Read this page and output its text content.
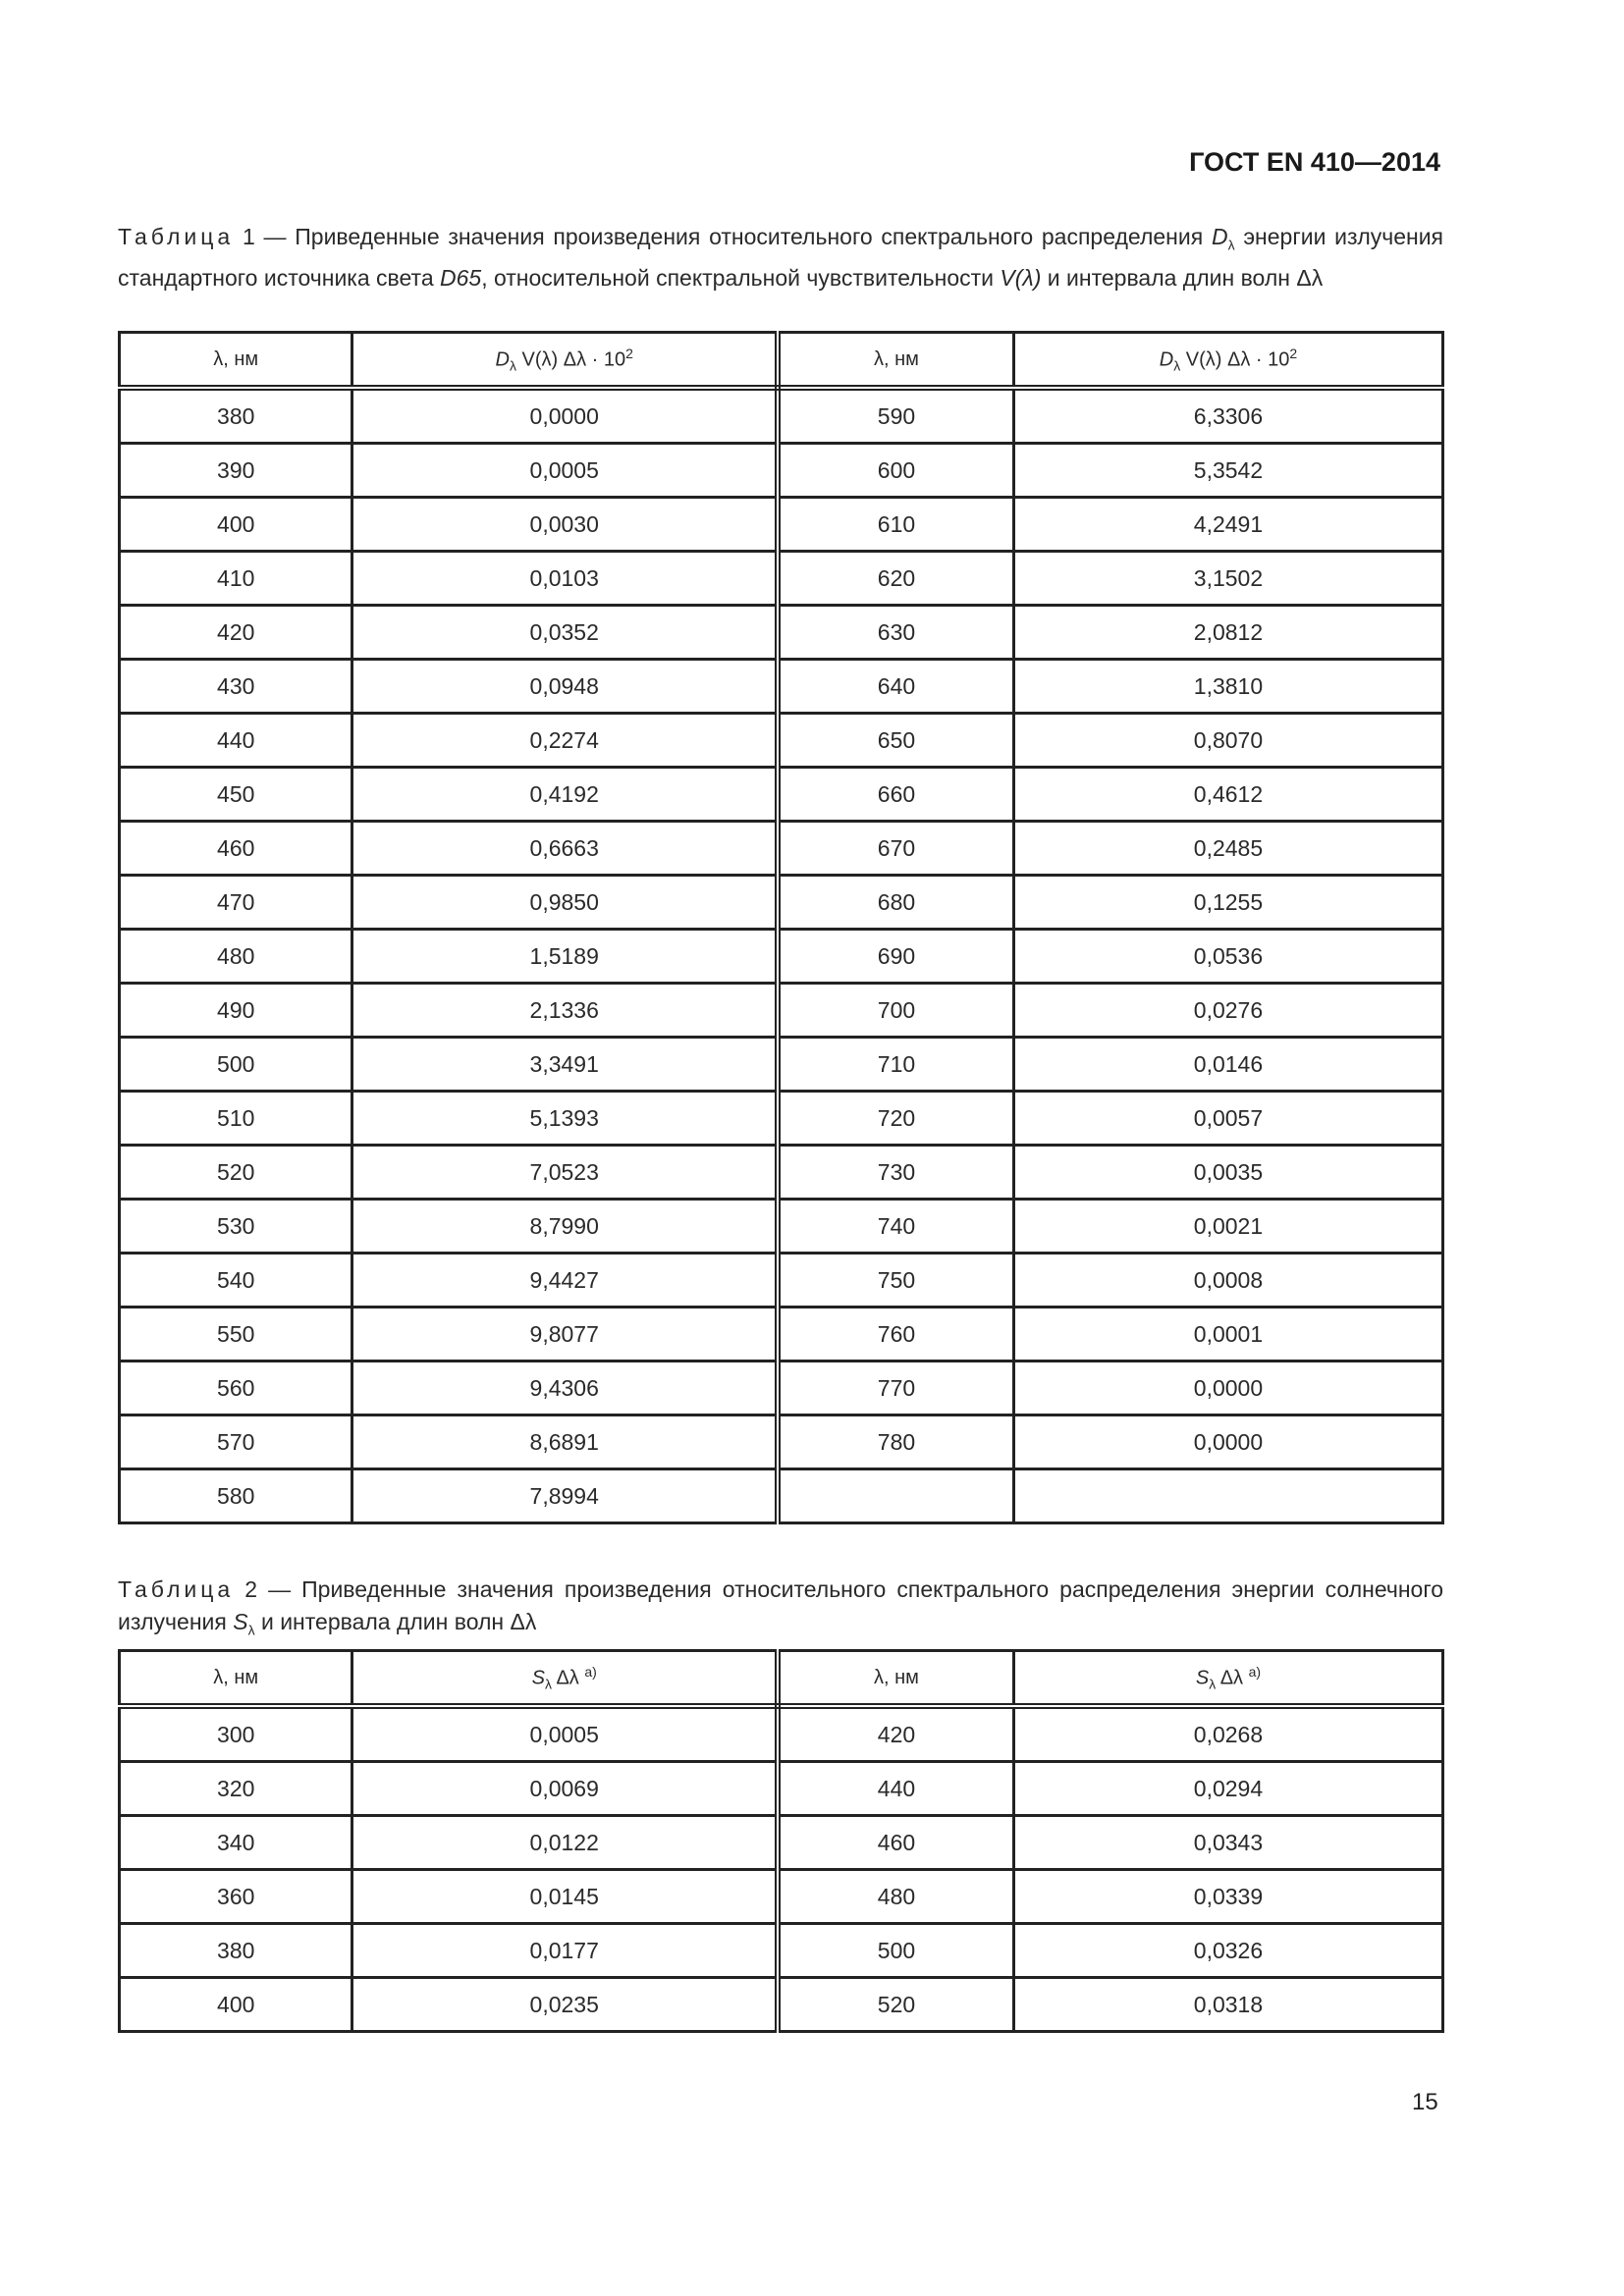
ГОСТ EN 410—2014
Таблица 1 — Приведенные значения произведения относительного спектрального распределения $D_\lambda$ энергии излучения стандартного источника света D65, относительной спектральной чувствительности V(λ) и интервала длин волн Δλ
λ, нм	$D_\lambda$ V(λ) $\Delta\lambda \cdot 10^2$	λ, нм	$D_\lambda$ V(λ) $\Delta\lambda \cdot 10^2$
380	0,0000	590	6,3306
390	0,0005	600	5,3542
400	0,0030	610	4,2491
410	0,0103	620	3,1502
420	0,0352	630	2,0812
430	0,0948	640	1,3810
440	0,2274	650	0,8070
450	0,4192	660	0,4612
460	0,6663	670	0,2485
470	0,9850	680	0,1255
480	1,5189	690	0,0536
490	2,1336	700	0,0276
500	3,3491	710	0,0146
510	5,1393	720	0,0057
520	7,0523	730	0,0035
530	8,7990	740	0,0021
540	9,4427	750	0,0008
550	9,8077	760	0,0001
560	9,4306	770	0,0000
570	8,6891	780	0,0000
580	7,8994		
Таблица 2 — Приведенные значения произведения относительного спектрального распределения энергии солнечного излучения $S_\lambda$ и интервала длин волн Δλ
λ, нм	$S_\lambda$ Δλ $^{a)}$	λ, нм	$S_\lambda$ Δλ $^{a)}$
300	0,0005	420	0,0268
320	0,0069	440	0,0294
340	0,0122	460	0,0343
360	0,0145	480	0,0339
380	0,0177	500	0,0326
400	0,0235	520	0,0318
15
